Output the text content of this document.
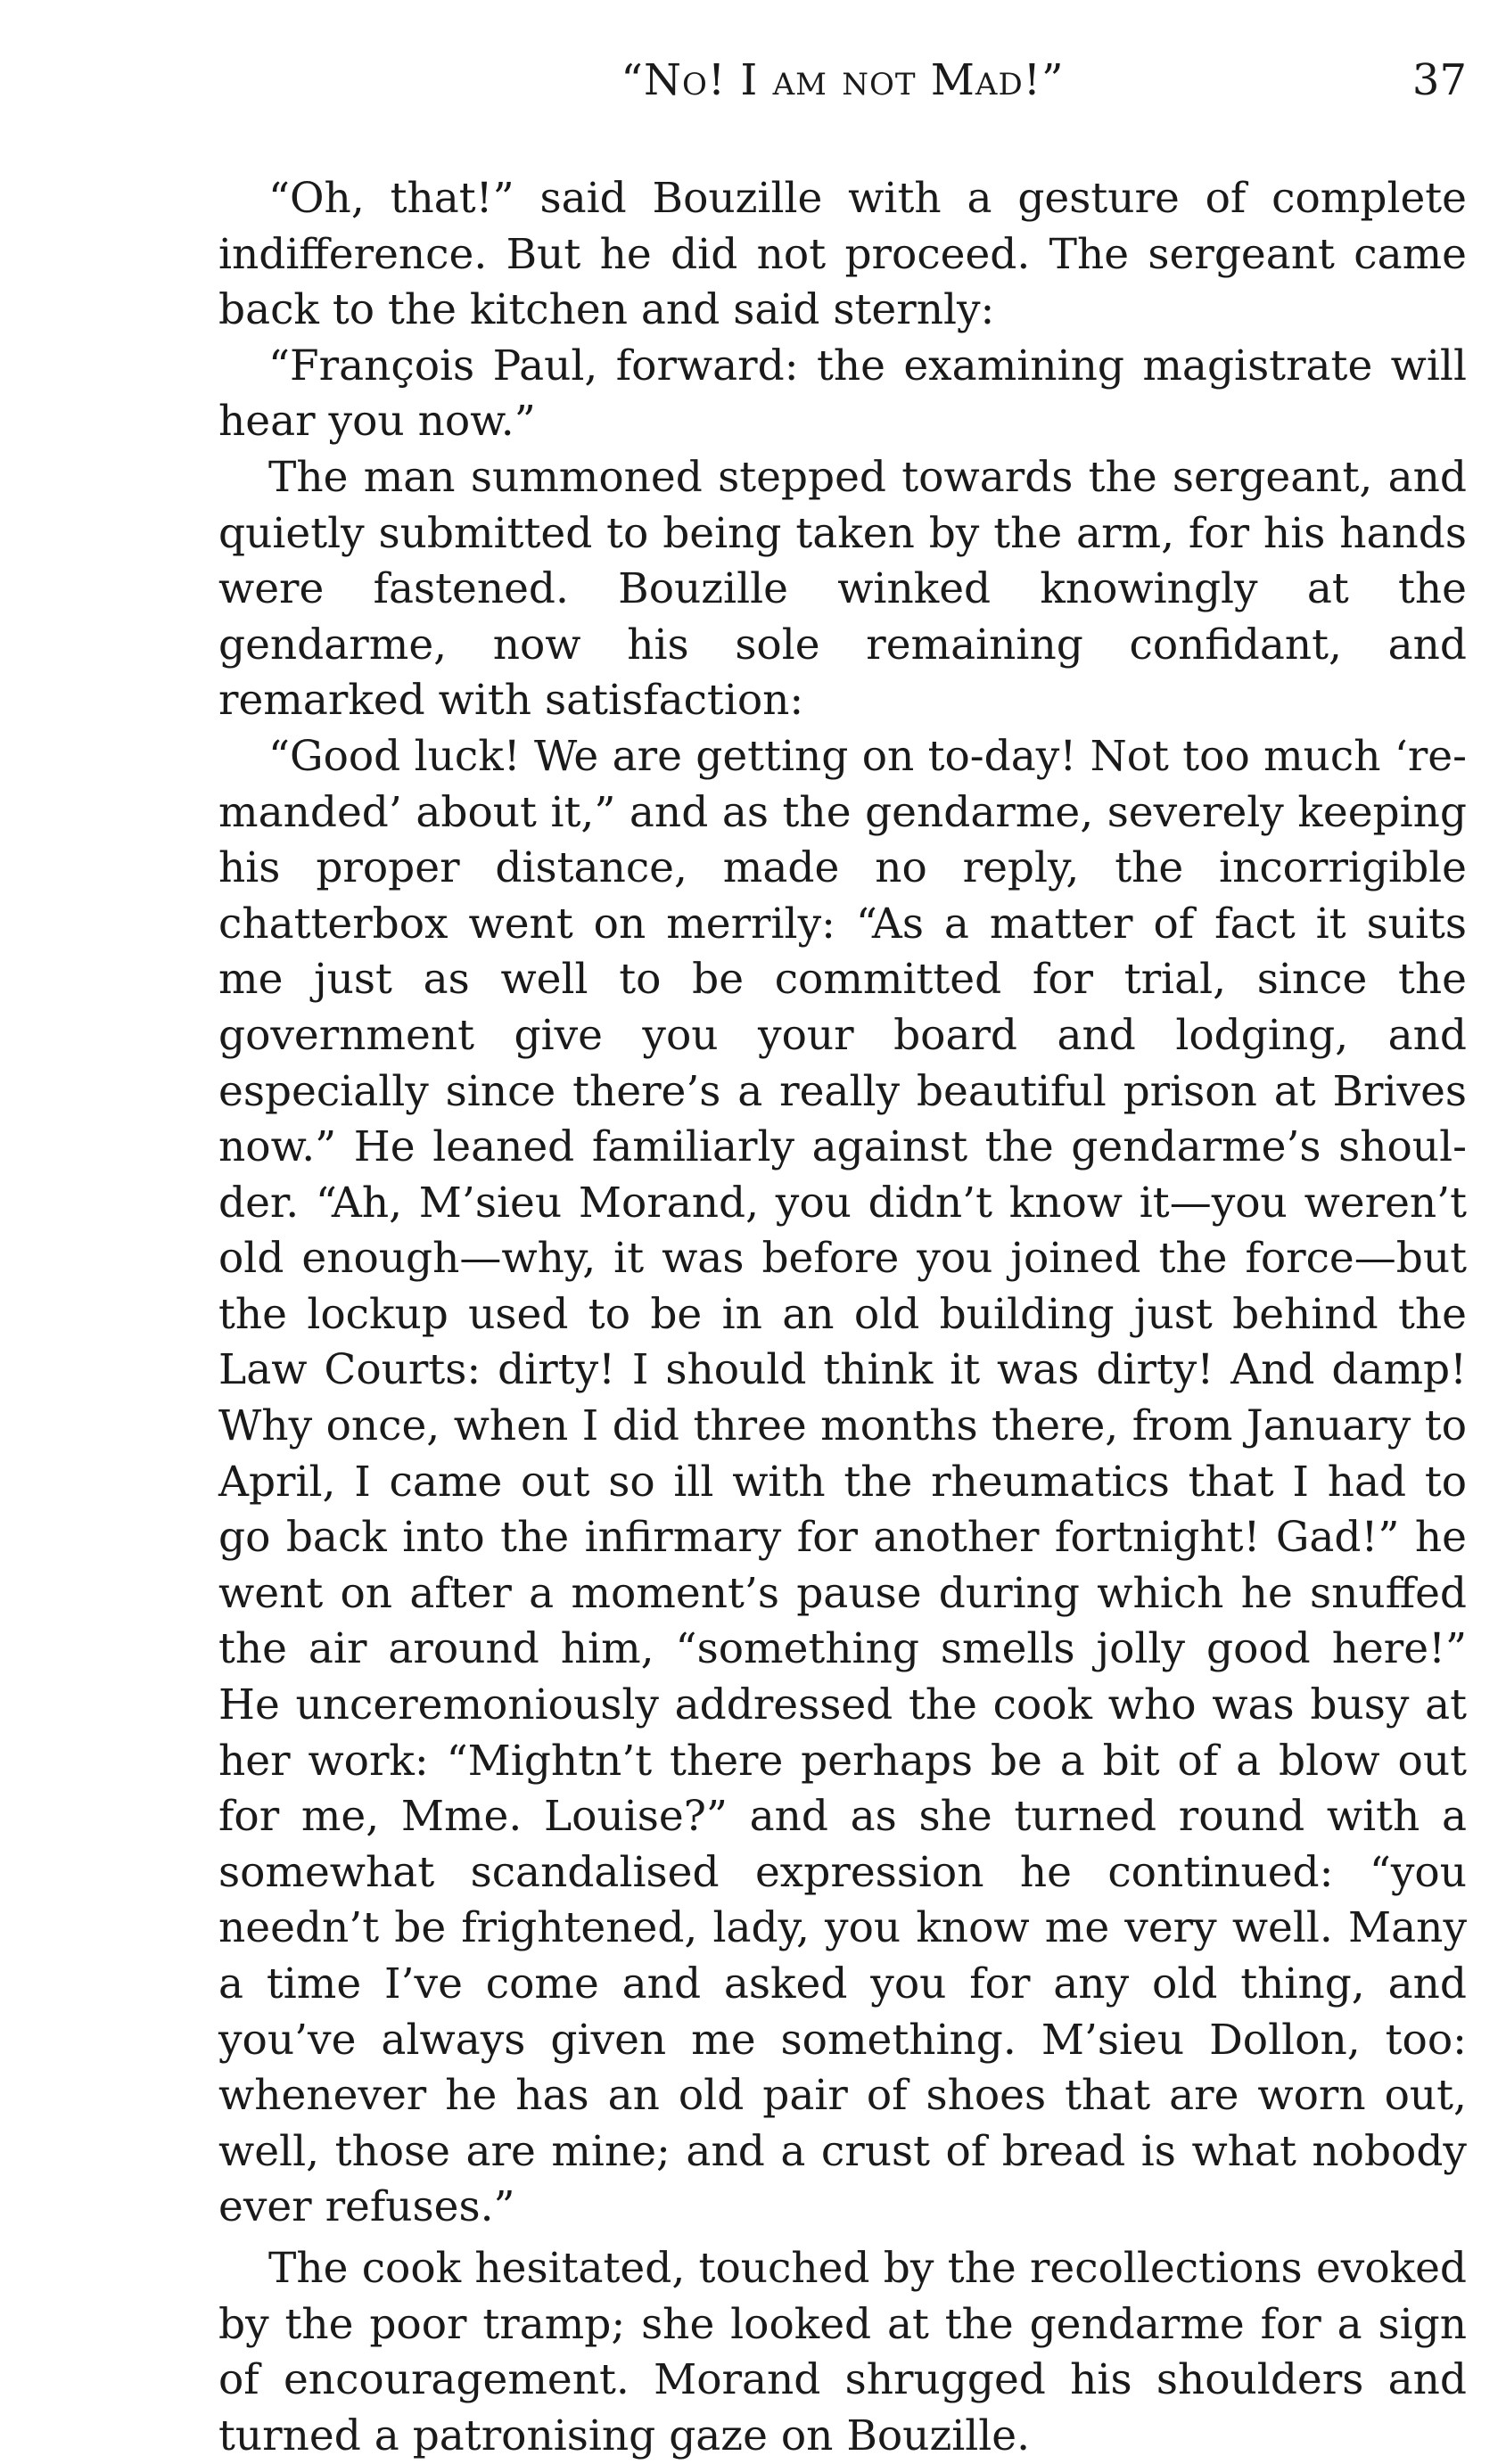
“No! I am not Mad!”	37

“Oh, that!” said Bouzille with a gesture of complete indifference. But he did not proceed. The sergeant came back to the kitchen and said sternly:

“François Paul, forward: the examining magistrate will hear you now.”

The man summoned stepped towards the sergeant, and quietly submitted to being taken by the arm, for his hands were fastened. Bouzille winked knowingly at the gendarme, now his sole remaining confidant, and remarked with satisfaction:

“Good luck! We are getting on to-day! Not too much ‘remanded’ about it,” and as the gendarme, severely keeping his proper distance, made no reply, the incorrigible chatterbox went on merrily: “As a matter of fact it suits me just as well to be committed for trial, since the government give you your board and lodging, and especially since there’s a really beautiful prison at Brives now.” He leaned familiarly against the gendarme’s shoulder. “Ah, M’sieu Morand, you didn’t know it—you weren’t old enough—why, it was before you joined the force—but the lockup used to be in an old building just behind the Law Courts: dirty! I should think it was dirty! And damp! Why once, when I did three months there, from January to April, I came out so ill with the rheumatics that I had to go back into the infirmary for another fortnight! Gad!” he went on after a moment’s pause during which he snuffed the air around him, “something smells jolly good here!” He unceremoniously addressed the cook who was busy at her work: “Mightn’t there perhaps be a bit of a blow out for me, Mme. Louise?” and as she turned round with a somewhat scandalised expression he continued: “you needn’t be frightened, lady, you know me very well. Many a time I’ve come and asked you for any old thing, and you’ve always given me something. M’sieu Dollon, too: whenever he has an old pair of shoes that are worn out, well, those are mine; and a crust of bread is what nobody ever refuses.”

The cook hesitated, touched by the recollections evoked by the poor tramp; she looked at the gendarme for a sign of encouragement. Morand shrugged his shoulders and turned a patronising gaze on Bouzille.
